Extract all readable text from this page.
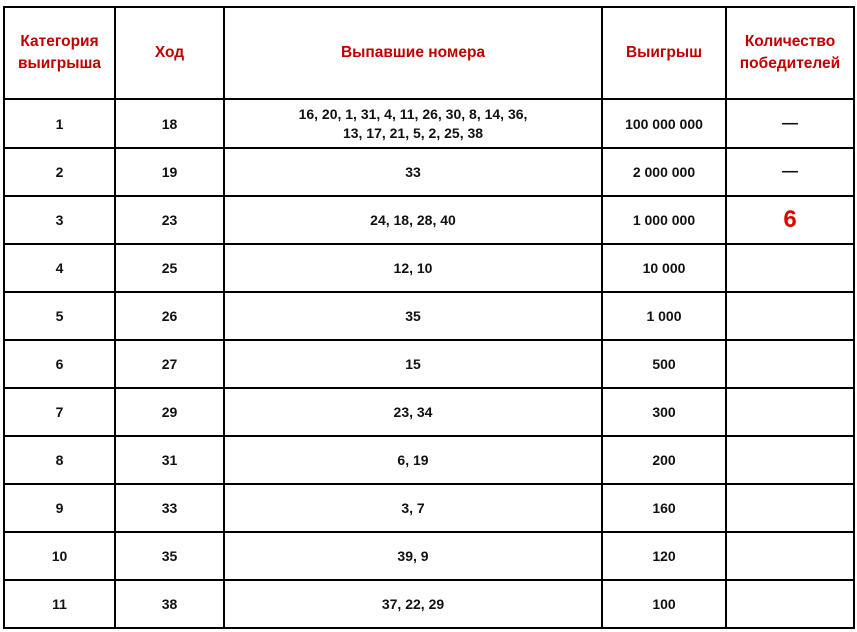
Категория выигрыша	Ход	Выпавшие номера	Выигрыш	Количество победителей
1	18	16, 20, 1, 31, 4, 11, 26, 30, 8, 14, 36, 13, 17, 21, 5, 2, 25, 38	100 000 000	—
2	19	33	2 000 000	—
3	23	24, 18, 28, 40	1 000 000	6
4	25	12, 10	10 000	
5	26	35	1 000	
6	27	15	500	
7	29	23, 34	300	
8	31	6, 19	200	
9	33	3, 7	160	
10	35	39, 9	120	
11	38	37, 22, 29	100	
